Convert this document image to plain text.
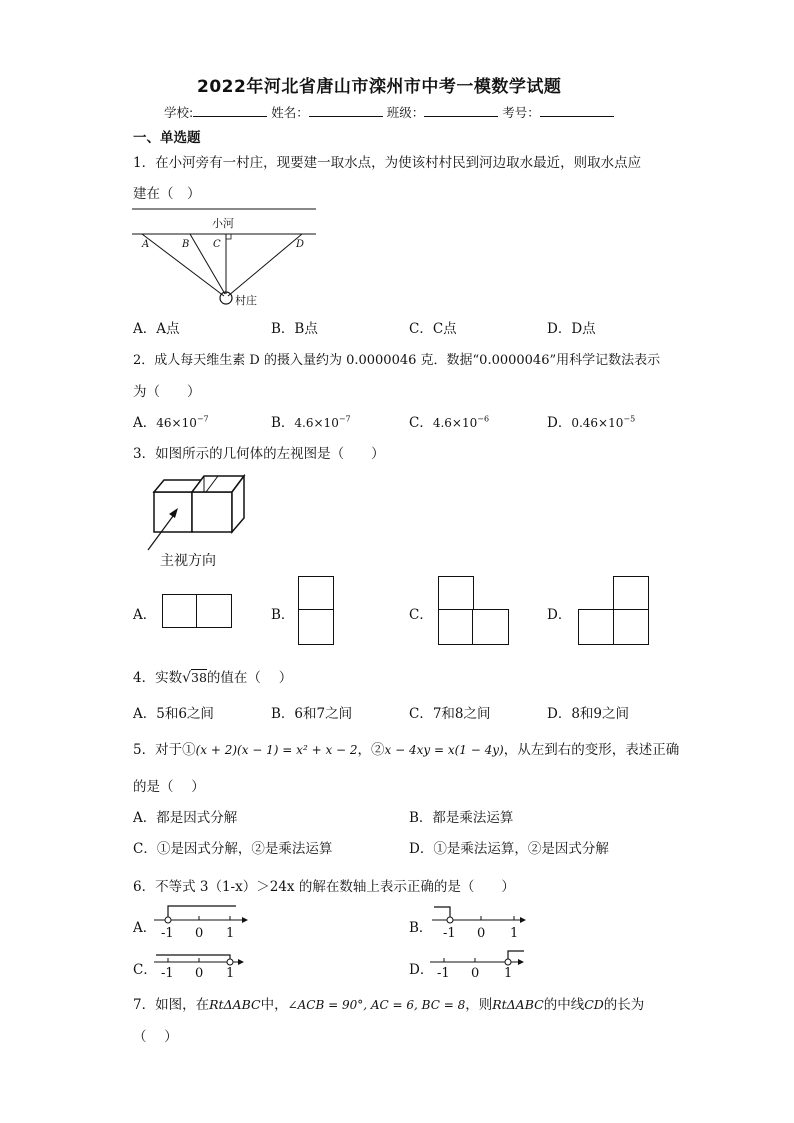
2022年河北省唐山市滦州市中考一模数学试题
学校:	姓名：	班级：	考号：
一、单选题
1．在小河旁有一村庄，现要建一取水点，为使该村村民到河边取水最近，则取水点应
建在（　）
小河
A	B C	D
村庄
A．A点	B．B点	C．C点	D．D点
2．成人每天维生素 D 的摄入量约为 0.0000046 克．数据“0.0000046”用科学记数法表示
为（　　）
A．$46\times 10^{-7}$	B．$4.6\times 10^{-7}$	C．$4.6\times 10^{-6}$	D．$0.46\times 10^{-5}$
3．如图所示的几何体的左视图是（　　）
主视方向
A．	B．	C．	D．
4．实数√38的值在（　 ）
A．5和6之间	B．6和7之间	C．7和8之间	D．8和9之间
5．对于①(x + 2)(x − 1) = x² + x − 2，②x − 4xy = x(1 − 4y)，从左到右的变形，表述正确
的是（　 ）
A．都是因式分解	B．都是乘法运算
C．①是因式分解，②是乘法运算	D．①是乘法运算，②是因式分解
6．不等式 3（1-x）＞24x 的解在数轴上表示正确的是（　　）
A． -1 0 1	B． -1 0 1
C． -1 0 1	D． -1 0 1
7．如图，在RtΔABC中，∠ACB = 90°, AC = 6, BC = 8，则RtΔABC的中线CD的长为
（　 ）
